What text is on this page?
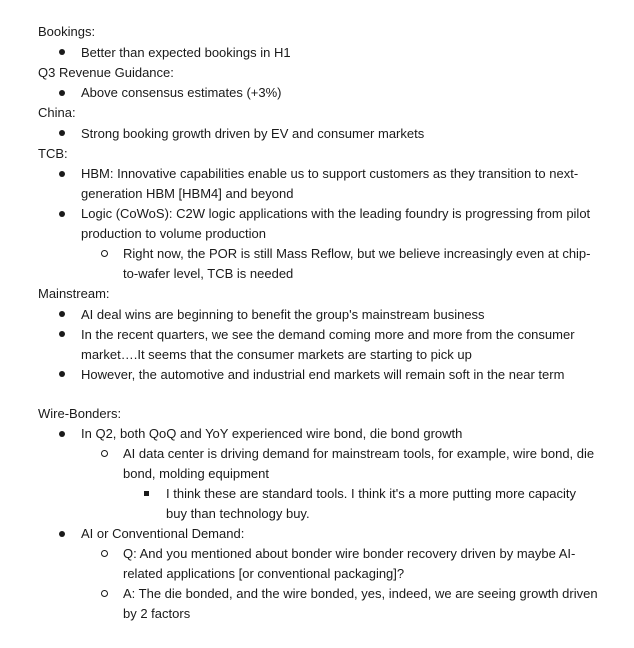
Bookings:
Better than expected bookings in H1
Q3 Revenue Guidance:
Above consensus estimates (+3%)
China:
Strong booking growth driven by EV and consumer markets
TCB:
HBM: Innovative capabilities enable us to support customers as they transition to next-generation HBM [HBM4] and beyond
Logic (CoWoS): C2W logic applications with the leading foundry is progressing from pilot production to volume production
Right now, the POR is still Mass Reflow, but we believe increasingly even at chip-to-wafer level, TCB is needed
Mainstream:
AI deal wins are beginning to benefit the group's mainstream business
In the recent quarters, we see the demand coming more and more from the consumer market….It seems that the consumer markets are starting to pick up
However, the automotive and industrial end markets will remain soft in the near term
Wire-Bonders:
In Q2, both QoQ and YoY experienced wire bond, die bond growth
AI data center is driving demand for mainstream tools, for example, wire bond, die bond, molding equipment
I think these are standard tools. I think it's a more putting more capacity buy than technology buy.
AI or Conventional Demand:
Q: And you mentioned about bonder wire bonder recovery driven by maybe AI-related applications [or conventional packaging]?
A: The die bonded, and the wire bonded, yes, indeed, we are seeing growth driven by 2 factors
